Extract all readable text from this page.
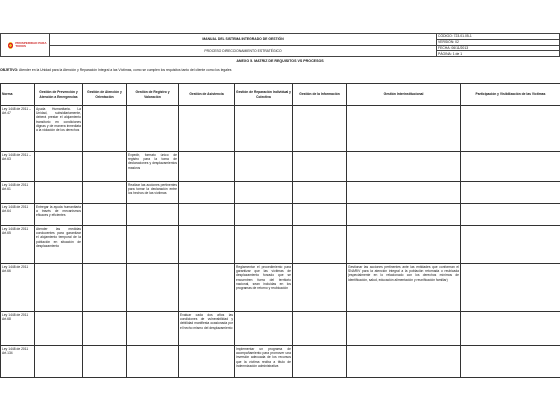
PROSPERIDAD PARA TODOS	MANUAL DEL SISTEMA INTEGRADO DE GESTIÓN	CÓDIGO: 723.01.05-1
		VERSIÓN: 02
	PROCESO DIRECCIONAMIENTO ESTRATÉGICO	FECHA: 06/11/2013
		PÁGINA: 1 de 1
ANEXO 5. MATRIZ DE REQUISITOS VS PROCESOS
OBJETIVO: Atender en la Unidad para la Atención y Reparación Integral a las Víctimas, como se cumplen los requisitos tanto del cliente como los legales
Norma	Gestión de Prevención y Atención a Emergencias	Gestión de Atención y Orientación	Gestión de Registro y Valoración	Gestión de Asistencia	Gestión de Reparación Individual y Colectiva	Gestión de la Información	Gestión Interinstitucional	Participación y Visibilización de las Víctimas
Ley 1448 de 2011 – Art.47	Ayuda Humanitaria. La Unidad, subsidiariamente, deberá prestar el alojamiento transitorio en condiciones dignas y de manera inmediata a la violación de los derechos							
Ley 1448 de 2011 – Art.63			Expedir, formato único de registro para la toma de declaraciones y desplazamientos masivos					
Ley 1448 de 2011 Art.61			Realizar las acciones pertinentes para tomar la declaración entre los hechos de las víctimas					
Ley 1448 de 2011 Art.64	Entregar la ayuda humanitaria a través de mecanismos eficaces y eficientes							
Ley 1448 de 2011 Art.65	Atender las medidas conducentes para garantizar el alojamiento temporal de la población en situación de desplazamiento							
Ley 1448 de 2011 Art.66					Reglamentar el procedimiento para garantizar que las víctimas de desplazamiento forzado que se encuentren fuera del territorio nacional, sean incluidas en los programas de retorno y reubicación		Gestionar las acciones pertinentes ante las entidades que conforman el SNARIV para la atención integral a la población retornada o reubicada (especialmente en lo relacionado con los derechos mínimos de identificación, salud, educación alimentación y reunificación familiar)	
Ley 1448 de 2011 Art.68				Evaluar cada dos años las condiciones de vulnerabilidad y debilidad manifiesta ocasionada por el hecho mismo del desplazamiento				
Ley 1448 de 2011 Art.134					Implementar un programa de acompañamiento para promover una inversión adecuada de los recursos que la víctima reciba a título de indemnización administrativa			
